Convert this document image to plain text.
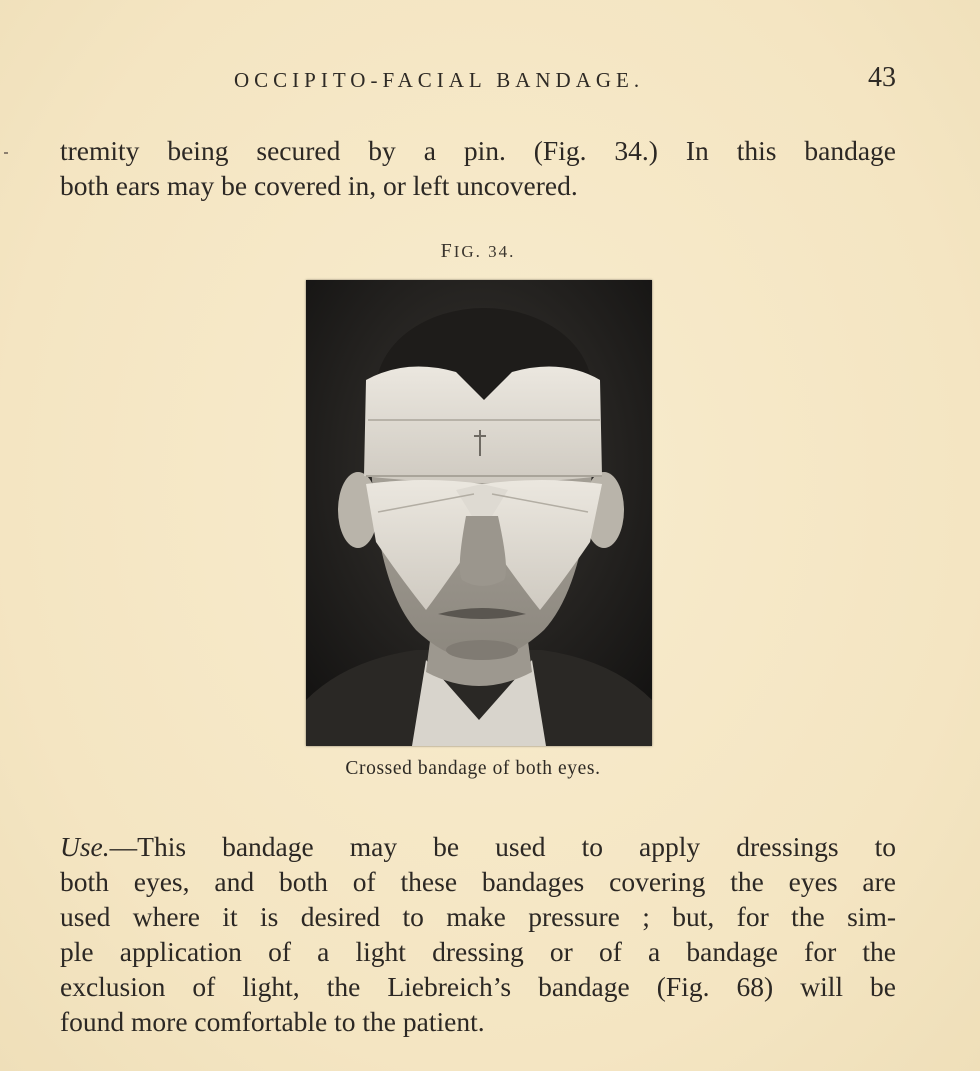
OCCIPITO-FACIAL BANDAGE.	43
tremity being secured by a pin. (Fig. 34.) In this bandage
both ears may be covered in, or left uncovered.
FIG. 34.
Crossed bandage of both eyes.
Use.—This bandage may be used to apply dressings to
both eyes, and both of these bandages covering the eyes are
used where it is desired to make pressure ; but, for the sim-
ple application of a light dressing or of a bandage for the
exclusion of light, the Liebreich’s bandage (Fig. 68) will be
found more comfortable to the patient.
